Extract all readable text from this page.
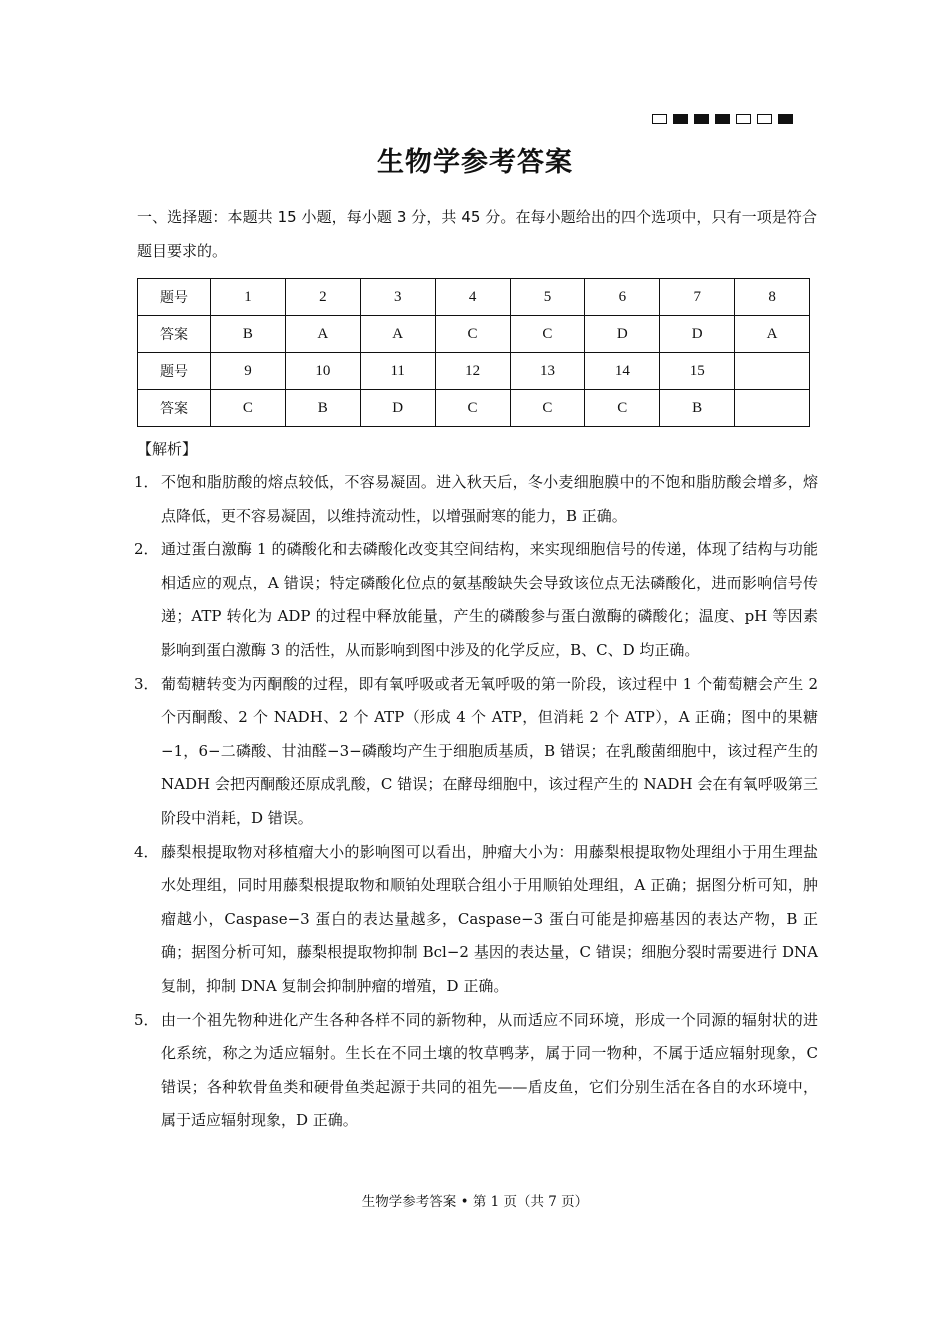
生物学参考答案
一、选择题：本题共 15 小题，每小题 3 分，共 45 分。在每小题给出的四个选项中，只有一项是符合题目要求的。
题号	1	2	3	4	5	6	7	8
答案	B	A	A	C	C	D	D	A
题号	9	10	11	12	13	14	15	
答案	C	B	D	C	C	C	B	
【解析】
1． 不饱和脂肪酸的熔点较低，不容易凝固。进入秋天后，冬小麦细胞膜中的不饱和脂肪酸会增多，熔点降低，更不容易凝固，以维持流动性，以增强耐寒的能力，B 正确。
2． 通过蛋白激酶 1 的磷酸化和去磷酸化改变其空间结构，来实现细胞信号的传递，体现了结构与功能相适应的观点，A 错误；特定磷酸化位点的氨基酸缺失会导致该位点无法磷酸化，进而影响信号传递；ATP 转化为 ADP 的过程中释放能量，产生的磷酸参与蛋白激酶的磷酸化；温度、pH 等因素影响到蛋白激酶 3 的活性，从而影响到图中涉及的化学反应，B、C、D 均正确。
3． 葡萄糖转变为丙酮酸的过程，即有氧呼吸或者无氧呼吸的第一阶段，该过程中 1 个葡萄糖会产生 2 个丙酮酸、2 个 NADH、2 个 ATP（形成 4 个 ATP，但消耗 2 个 ATP），A 正确；图中的果糖−1，6−二磷酸、甘油醛−3−磷酸均产生于细胞质基质，B 错误；在乳酸菌细胞中，该过程产生的 NADH 会把丙酮酸还原成乳酸，C 错误；在酵母细胞中，该过程产生的 NADH 会在有氧呼吸第三阶段中消耗，D 错误。
4． 藤梨根提取物对移植瘤大小的影响图可以看出，肿瘤大小为：用藤梨根提取物处理组小于用生理盐水处理组，同时用藤梨根提取物和顺铂处理联合组小于用顺铂处理组，A 正确；据图分析可知，肿瘤越小，Caspase−3 蛋白的表达量越多，Caspase−3 蛋白可能是抑癌基因的表达产物，B 正确；据图分析可知，藤梨根提取物抑制 Bcl−2 基因的表达量，C 错误；细胞分裂时需要进行 DNA 复制，抑制 DNA 复制会抑制肿瘤的增殖，D 正确。
5． 由一个祖先物种进化产生各种各样不同的新物种，从而适应不同环境，形成一个同源的辐射状的进化系统，称之为适应辐射。生长在不同土壤的牧草鸭茅，属于同一物种，不属于适应辐射现象，C 错误；各种软骨鱼类和硬骨鱼类起源于共同的祖先——盾皮鱼，它们分别生活在各自的水环境中，属于适应辐射现象，D 正确。
生物学参考答案 • 第 1 页（共 7 页）
